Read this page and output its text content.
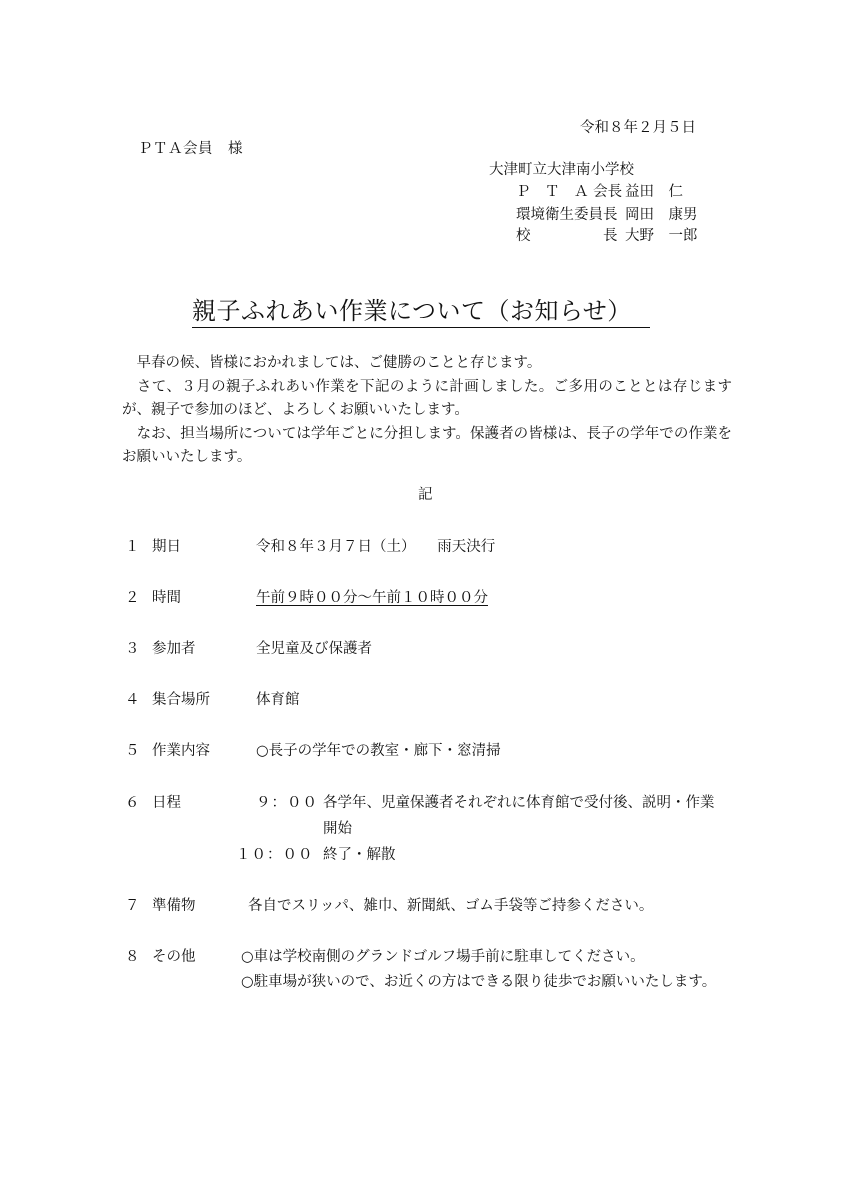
令和８年２月５日
ＰＴＡ会員　様
大津町立大津南小学校
Ｐ　Ｔ　Ａ 会長 益田　仁
環境衛生委員長 岡田　康男
校　　　　　長 大野　一郎
親子ふれあい作業について（お知らせ）

　早春の候、皆様におかれましては、ご健勝のことと存じます。

　さて、３月の親子ふれあい作業を下記のように計画しました。ご多用のこととは存じますが、親子で参加のほど、よろしくお願いいたします。

　なお、担当場所については学年ごとに分担します。保護者の皆様は、長子の学年での作業をお願いいたします。

記
１ 期日	令和８年３月７日（土）　　雨天決行
２ 時間	午前９時００分～午前１０時００分
３ 参加者	全児童及び保護者
４ 集合場所	体育館
５ 作業内容	○長子の学年での教室・廊下・窓清掃
６ 日程	９：００ 各学年、児童保護者それぞれに体育館で受付後、説明・作業
開始
１０：００ 終了・解散
７ 準備物	各自でスリッパ、雑巾、新聞紙、ゴム手袋等ご持参ください。
８ その他	○車は学校南側のグランドゴルフ場手前に駐車してください。
○駐車場が狭いので、お近くの方はできる限り徒歩でお願いいたします。
